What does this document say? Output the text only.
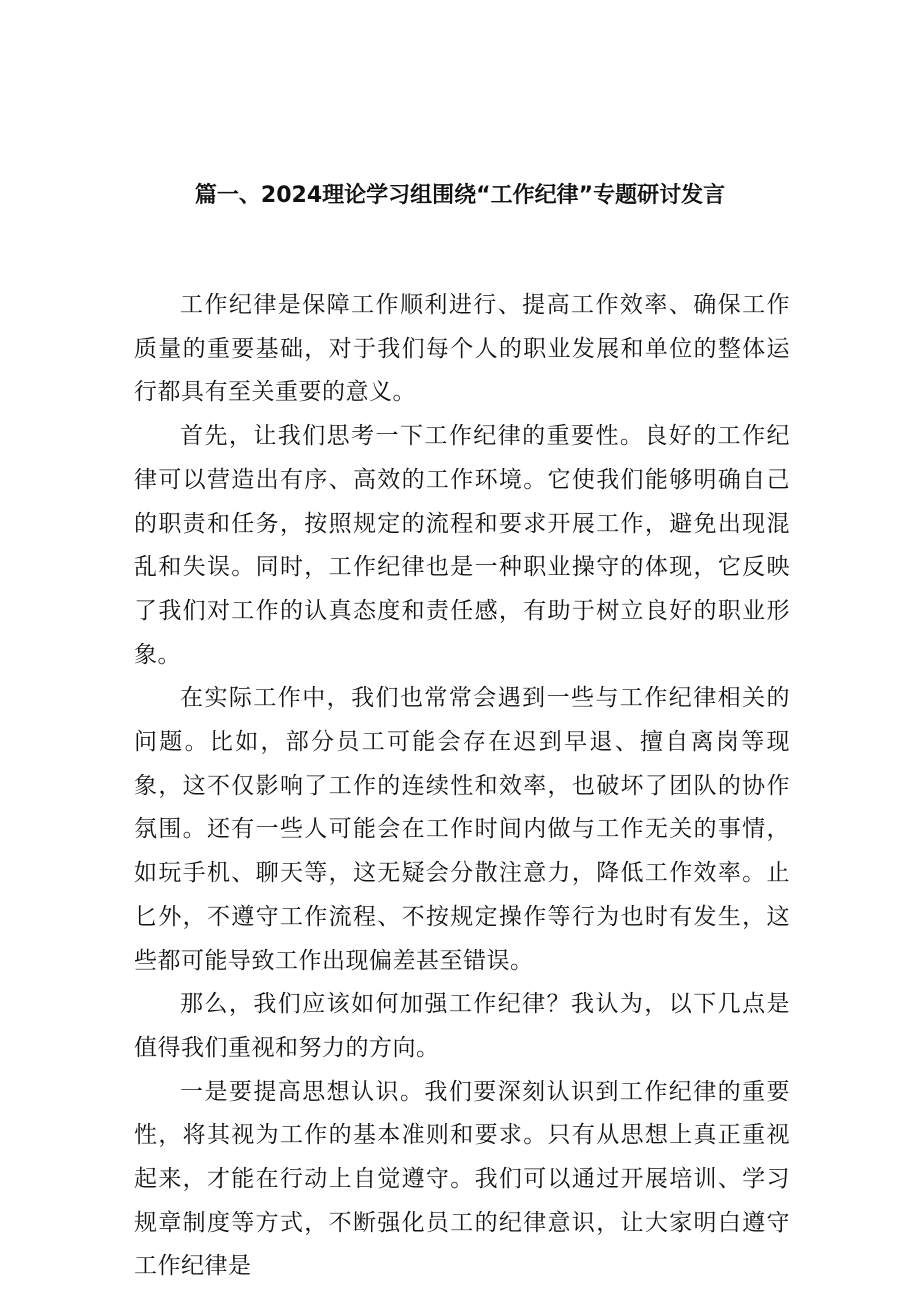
篇一、2024理论学习组围绕“工作纪律”专题研讨发言

工作纪律是保障工作顺利进行、提高工作效率、确保工作质量的重要基础，对于我们每个人的职业发展和单位的整体运行都具有至关重要的意义。

首先，让我们思考一下工作纪律的重要性。良好的工作纪律可以营造出有序、高效的工作环境。它使我们能够明确自己的职责和任务，按照规定的流程和要求开展工作，避免出现混乱和失误。同时，工作纪律也是一种职业操守的体现，它反映了我们对工作的认真态度和责任感，有助于树立良好的职业形象。

在实际工作中，我们也常常会遇到一些与工作纪律相关的问题。比如，部分员工可能会存在迟到早退、擅自离岗等现象，这不仅影响了工作的连续性和效率，也破坏了团队的协作氛围。还有一些人可能会在工作时间内做与工作无关的事情，如玩手机、聊天等，这无疑会分散注意力，降低工作效率。止匕外，不遵守工作流程、不按规定操作等行为也时有发生，这些都可能导致工作出现偏差甚至错误。

那么，我们应该如何加强工作纪律？我认为，以下几点是值得我们重视和努力的方向。

一是要提高思想认识。我们要深刻认识到工作纪律的重要性，将其视为工作的基本准则和要求。只有从思想上真正重视起来，才能在行动上自觉遵守。我们可以通过开展培训、学习规章制度等方式，不断强化员工的纪律意识，让大家明白遵守工作纪律是
